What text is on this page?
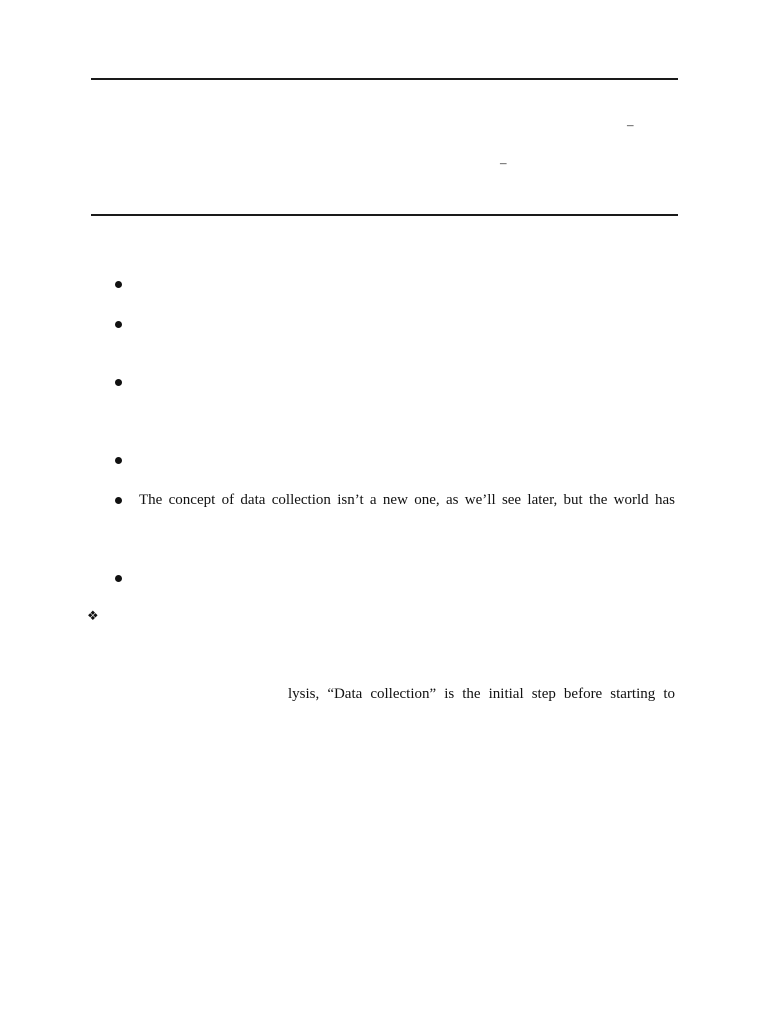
–
–
The concept of data collection isn’t a new one, as we’ll see later, but the world has
❖
lysis, “Data collection” is the initial step before starting to
